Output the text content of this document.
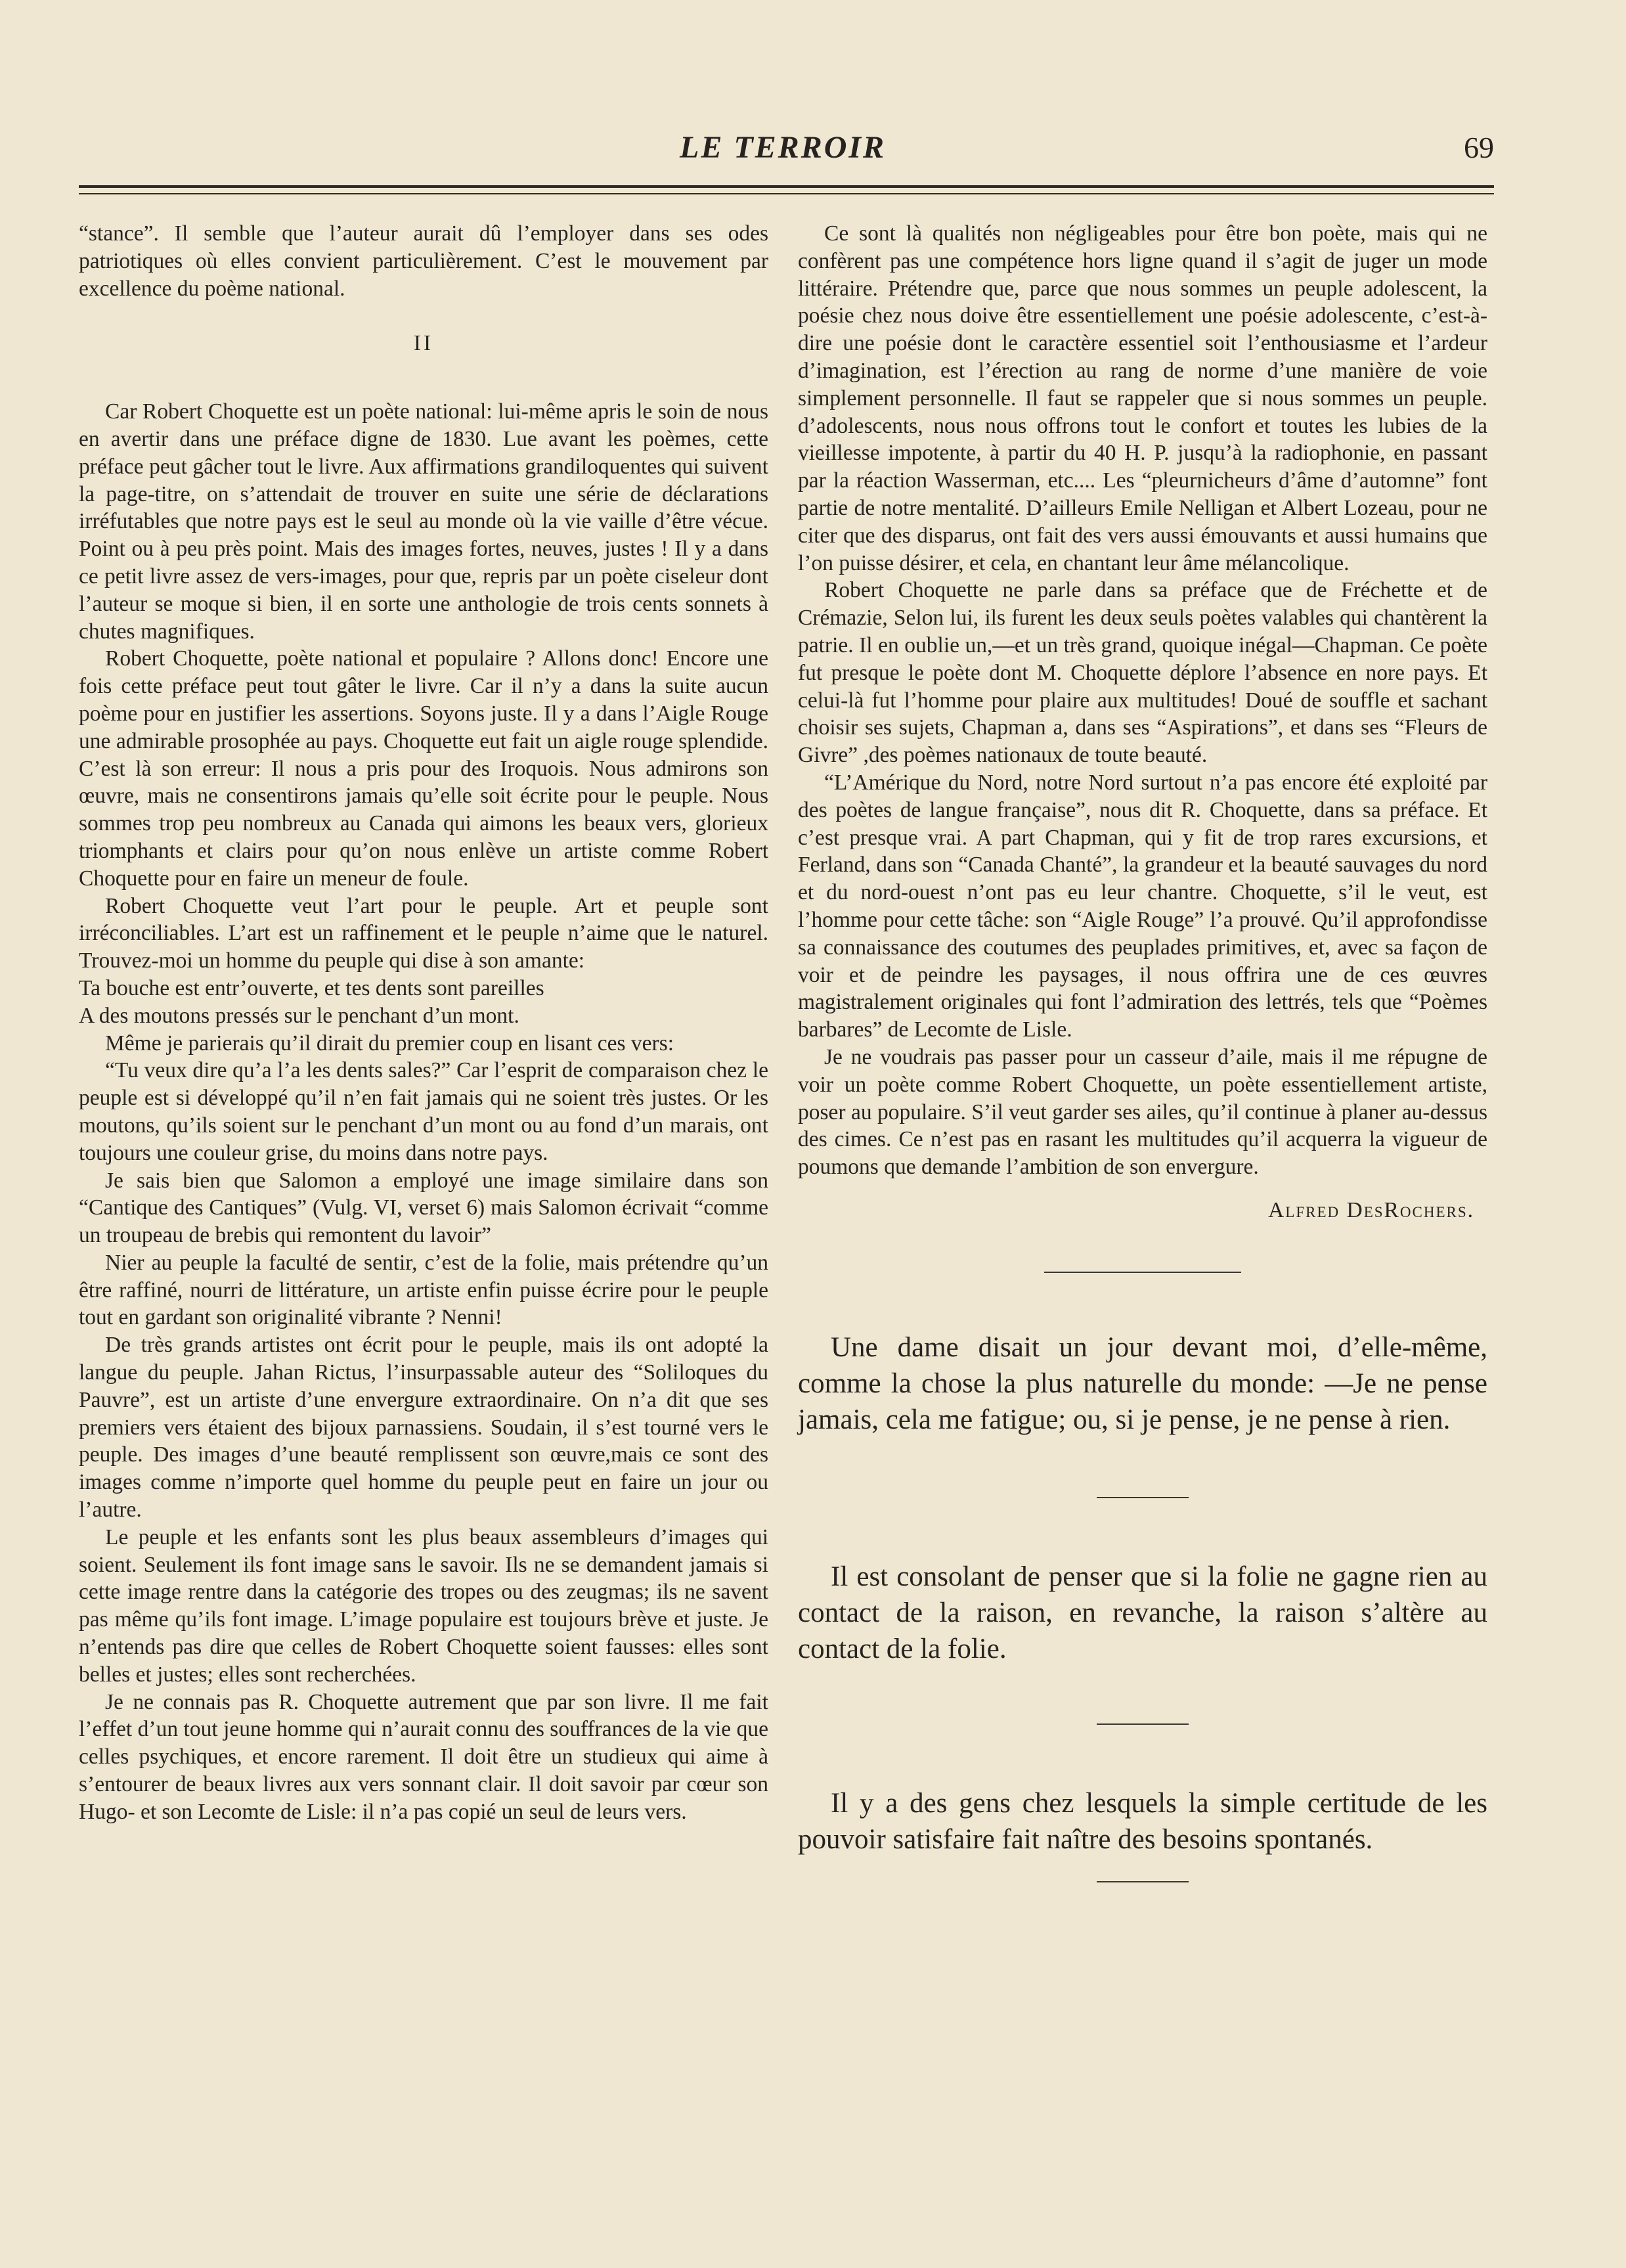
LE TERROIR	69

“stance”. Il semble que l’auteur aurait dû l’employer dans ses odes patriotiques où elles convient particulièrement. C’est le mouvement par excellence du poème national.

II

Car Robert Choquette est un poète national: lui-même apris le soin de nous en avertir dans une préface digne de 1830. Lue avant les poèmes, cette préface peut gâcher tout le livre. Aux affirmations grandiloquentes qui suivent la page-titre, on s’attendait de trouver en suite une série de déclarations irréfutables que notre pays est le seul au monde où la vie vaille d’être vécue. Point ou à peu près point. Mais des images fortes, neuves, justes ! Il y a dans ce petit livre assez de vers-images, pour que, repris par un poète ciseleur dont l’auteur se moque si bien, il en sorte une anthologie de trois cents sonnets à chutes magnifiques.

Robert Choquette, poète national et populaire ? Allons donc! Encore une fois cette préface peut tout gâter le livre. Car il n’y a dans la suite aucun poème pour en justifier les assertions. Soyons juste. Il y a dans l’Aigle Rouge une admirable prosophée au pays. Choquette eut fait un aigle rouge splendide. C’est là son erreur: Il nous a pris pour des Iroquois. Nous admirons son œuvre, mais ne consentirons jamais qu’elle soit écrite pour le peuple. Nous sommes trop peu nombreux au Canada qui aimons les beaux vers, glorieux triomphants et clairs pour qu’on nous enlève un artiste comme Robert Choquette pour en faire un meneur de foule.

Robert Choquette veut l’art pour le peuple. Art et peuple sont irréconciliables. L’art est un raffinement et le peuple n’aime que le naturel. Trouvez-moi un homme du peuple qui dise à son amante:

Ta bouche est entr’ouverte, et tes dents sont pareilles

A des moutons pressés sur le penchant d’un mont.

Même je parierais qu’il dirait du premier coup en lisant ces vers:

“Tu veux dire qu’a l’a les dents sales?” Car l’esprit de comparaison chez le peuple est si développé qu’il n’en fait jamais qui ne soient très justes. Or les moutons, qu’ils soient sur le penchant d’un mont ou au fond d’un marais, ont toujours une couleur grise, du moins dans notre pays.

Je sais bien que Salomon a employé une image similaire dans son “Cantique des Cantiques” (Vulg. VI, verset 6) mais Salomon écrivait “comme un troupeau de brebis qui remontent du lavoir”

Nier au peuple la faculté de sentir, c’est de la folie, mais prétendre qu’un être raffiné, nourri de littérature, un artiste enfin puisse écrire pour le peuple tout en gardant son originalité vibrante ? Nenni!

De très grands artistes ont écrit pour le peuple, mais ils ont adopté la langue du peuple. Jahan Rictus, l’insurpassable auteur des “Soliloques du Pauvre”, est un artiste d’une envergure extraordinaire. On n’a dit que ses premiers vers étaient des bijoux parnassiens. Soudain, il s’est tourné vers le peuple. Des images d’une beauté remplissent son œuvre,mais ce sont des images comme n’importe quel homme du peuple peut en faire un jour ou l’autre.

Le peuple et les enfants sont les plus beaux assembleurs d’images qui soient. Seulement ils font image sans le savoir. Ils ne se demandent jamais si cette image rentre dans la catégorie des tropes ou des zeugmas; ils ne savent pas même qu’ils font image. L’image populaire est toujours brève et juste. Je n’entends pas dire que celles de Robert Choquette soient fausses: elles sont belles et justes; elles sont recherchées.

Je ne connais pas R. Choquette autrement que par son livre. Il me fait l’effet d’un tout jeune homme qui n’aurait connu des souffrances de la vie que celles psychiques, et encore rarement. Il doit être un studieux qui aime à s’entourer de beaux livres aux vers sonnant clair. Il doit savoir par cœur son Hugo- et son Lecomte de Lisle: il n’a pas copié un seul de leurs vers.

Ce sont là qualités non négligeables pour être bon poète, mais qui ne confèrent pas une compétence hors ligne quand il s’agit de juger un mode littéraire. Prétendre que, parce que nous sommes un peuple adolescent, la poésie chez nous doive être essentiellement une poésie adolescente, c’est-à-dire une poésie dont le caractère essentiel soit l’enthousiasme et l’ardeur d’imagination, est l’érection au rang de norme d’une manière de voie simplement personnelle. Il faut se rappeler que si nous sommes un peuple. d’adolescents, nous nous offrons tout le confort et toutes les lubies de la vieillesse impotente, à partir du 40 H. P. jusqu’à la radiophonie, en passant par la réaction Wasserman, etc.... Les “pleurnicheurs d’âme d’automne” font partie de notre mentalité. D’ailleurs Emile Nelligan et Albert Lozeau, pour ne citer que des disparus, ont fait des vers aussi émouvants et aussi humains que l’on puisse désirer, et cela, en chantant leur âme mélancolique.

Robert Choquette ne parle dans sa préface que de Fréchette et de Crémazie, Selon lui, ils furent les deux seuls poètes valables qui chantèrent la patrie. Il en oublie un,—et un très grand, quoique inégal—Chapman. Ce poète fut presque le poète dont M. Choquette déplore l’absence en nore pays. Et celui-là fut l’homme pour plaire aux multitudes! Doué de souffle et sachant choisir ses sujets, Chapman a, dans ses “Aspirations”, et dans ses “Fleurs de Givre” ,des poèmes nationaux de toute beauté.

“L’Amérique du Nord, notre Nord surtout n’a pas encore été exploité par des poètes de langue française”, nous dit R. Choquette, dans sa préface. Et c’est presque vrai. A part Chapman, qui y fit de trop rares excursions, et Ferland, dans son “Canada Chanté”, la grandeur et la beauté sauvages du nord et du nord-ouest n’ont pas eu leur chantre. Choquette, s’il le veut, est l’homme pour cette tâche: son “Aigle Rouge” l’a prouvé. Qu’il approfondisse sa connaissance des coutumes des peuplades primitives, et, avec sa façon de voir et de peindre les paysages, il nous offrira une de ces œuvres magistralement originales qui font l’admiration des lettrés, tels que “Poèmes barbares” de Lecomte de Lisle.

Je ne voudrais pas passer pour un casseur d’aile, mais il me répugne de voir un poète comme Robert Choquette, un poète essentiellement artiste, poser au populaire. S’il veut garder ses ailes, qu’il continue à planer au-dessus des cimes. Ce n’est pas en rasant les multitudes qu’il acquerra la vigueur de poumons que demande l’ambition de son envergure.

Alfred DesRochers.

Une dame disait un jour devant moi, d’elle-même, comme la chose la plus naturelle du monde: —Je ne pense jamais, cela me fatigue; ou, si je pense, je ne pense à rien.

Il est consolant de penser que si la folie ne gagne rien au contact de la raison, en revanche, la raison s’altère au contact de la folie.

Il y a des gens chez lesquels la simple certitude de les pouvoir satisfaire fait naître des besoins spontanés.
